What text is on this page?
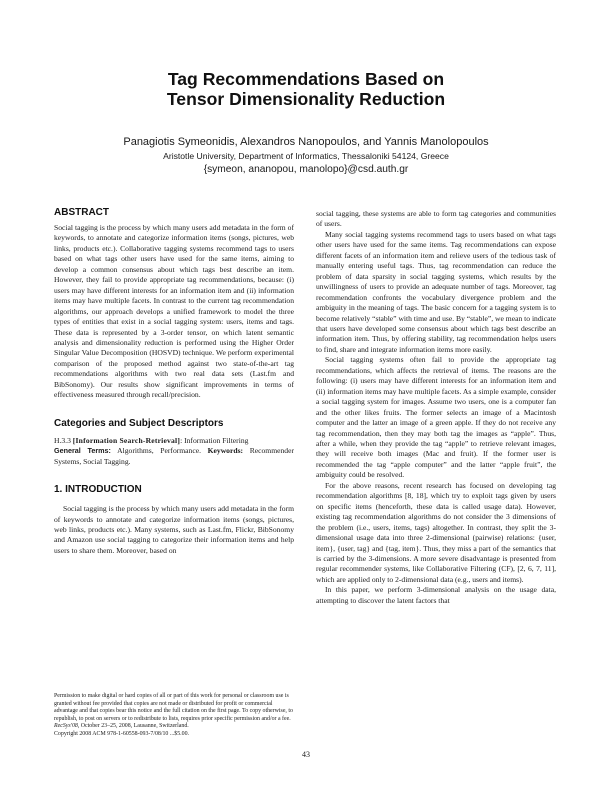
Tag Recommendations Based on
Tensor Dimensionality Reduction
Panagiotis Symeonidis, Alexandros Nanopoulos, and Yannis Manolopoulos
Aristotle University, Department of Informatics, Thessaloniki 54124, Greece
{symeon, ananopou, manolopo}@csd.auth.gr
ABSTRACT

Social tagging is the process by which many users add metadata in the form of keywords, to annotate and categorize information items (songs, pictures, web links, products etc.). Collaborative tagging systems recommend tags to users based on what tags other users have used for the same items, aiming to develop a common consensus about which tags best describe an item. However, they fail to provide appropriate tag recommendations, because: (i) users may have different interests for an information item and (ii) information items may have multiple facets. In contrast to the current tag recommendation algorithms, our approach develops a unified framework to model the three types of entities that exist in a social tagging system: users, items and tags. These data is represented by a 3-order tensor, on which latent semantic analysis and dimensionality reduction is performed using the Higher Order Singular Value Decomposition (HOSVD) technique. We perform experimental comparison of the proposed method against two state-of-the-art tag recommendations algorithms with two real data sets (Last.fm and BibSonomy). Our results show significant improvements in terms of effectiveness measured through recall/precision.

Categories and Subject Descriptors

H.3.3 [Information Search-Retrieval]: Information Filtering
General Terms: Algorithms, Performance. Keywords: Recommender Systems, Social Tagging.

1. INTRODUCTION

Social tagging is the process by which many users add metadata in the form of keywords to annotate and categorize information items (songs, pictures, web links, products etc.). Many systems, such as Last.fm, Flickr, BibSonomy and Amazon use social tagging to categorize their information items and help users to share them. Moreover, based on

Permission to make digital or hard copies of all or part of this work for personal or classroom use is granted without fee provided that copies are not made or distributed for profit or commercial advantage and that copies bear this notice and the full citation on the first page. To copy otherwise, to republish, to post on servers or to redistribute to lists, requires prior specific permission and/or a fee.

RecSys'08, October 23–25, 2008, Lausanne, Switzerland.

Copyright 2008 ACM 978-1-60558-093-7/08/10 ...$5.00.

social tagging, these systems are able to form tag categories and communities of users.

Many social tagging systems recommend tags to users based on what tags other users have used for the same items. Tag recommendations can expose different facets of an information item and relieve users of the tedious task of manually entering useful tags. Thus, tag recommendation can reduce the problem of data sparsity in social tagging systems, which results by the unwillingness of users to provide an adequate number of tags. Moreover, tag recommendation confronts the vocabulary divergence problem and the ambiguity in the meaning of tags. The basic concern for a tagging system is to become relatively “stable” with time and use. By “stable”, we mean to indicate that users have developed some consensus about which tags best describe an information item. Thus, by offering stability, tag recommendation helps users to find, share and integrate information items more easily.

Social tagging systems often fail to provide the appropriate tag recommendations, which affects the retrieval of items. The reasons are the following: (i) users may have different interests for an information item and (ii) information items may have multiple facets. As a simple example, consider a social tagging system for images. Assume two users, one is a computer fan and the other likes fruits. The former selects an image of a Macintosh computer and the latter an image of a green apple. If they do not receive any tag recommendation, then they may both tag the images as “apple”. Thus, after a while, when they provide the tag “apple” to retrieve relevant images, they will receive both images (Mac and fruit). If the former user is recommended the tag “apple computer” and the latter “apple fruit”, the ambiguity could be resolved.

For the above reasons, recent research has focused on developing tag recommendation algorithms [8, 18], which try to exploit tags given by users on specific items (henceforth, these data is called usage data). However, existing tag recommendation algorithms do not consider the 3 dimensions of the problem (i.e., users, items, tags) altogether. In contrast, they split the 3-dimensional usage data into three 2-dimensional (pairwise) relations: {user, item}, {user, tag} and {tag, item}. Thus, they miss a part of the semantics that is carried by the 3-dimensions. A more severe disadvantage is presented from regular recommender systems, like Collaborative Filtering (CF), [2, 6, 7, 11], which are applied only to 2-dimensional data (e.g., users and items).

In this paper, we perform 3-dimensional analysis on the usage data, attempting to discover the latent factors that

43
